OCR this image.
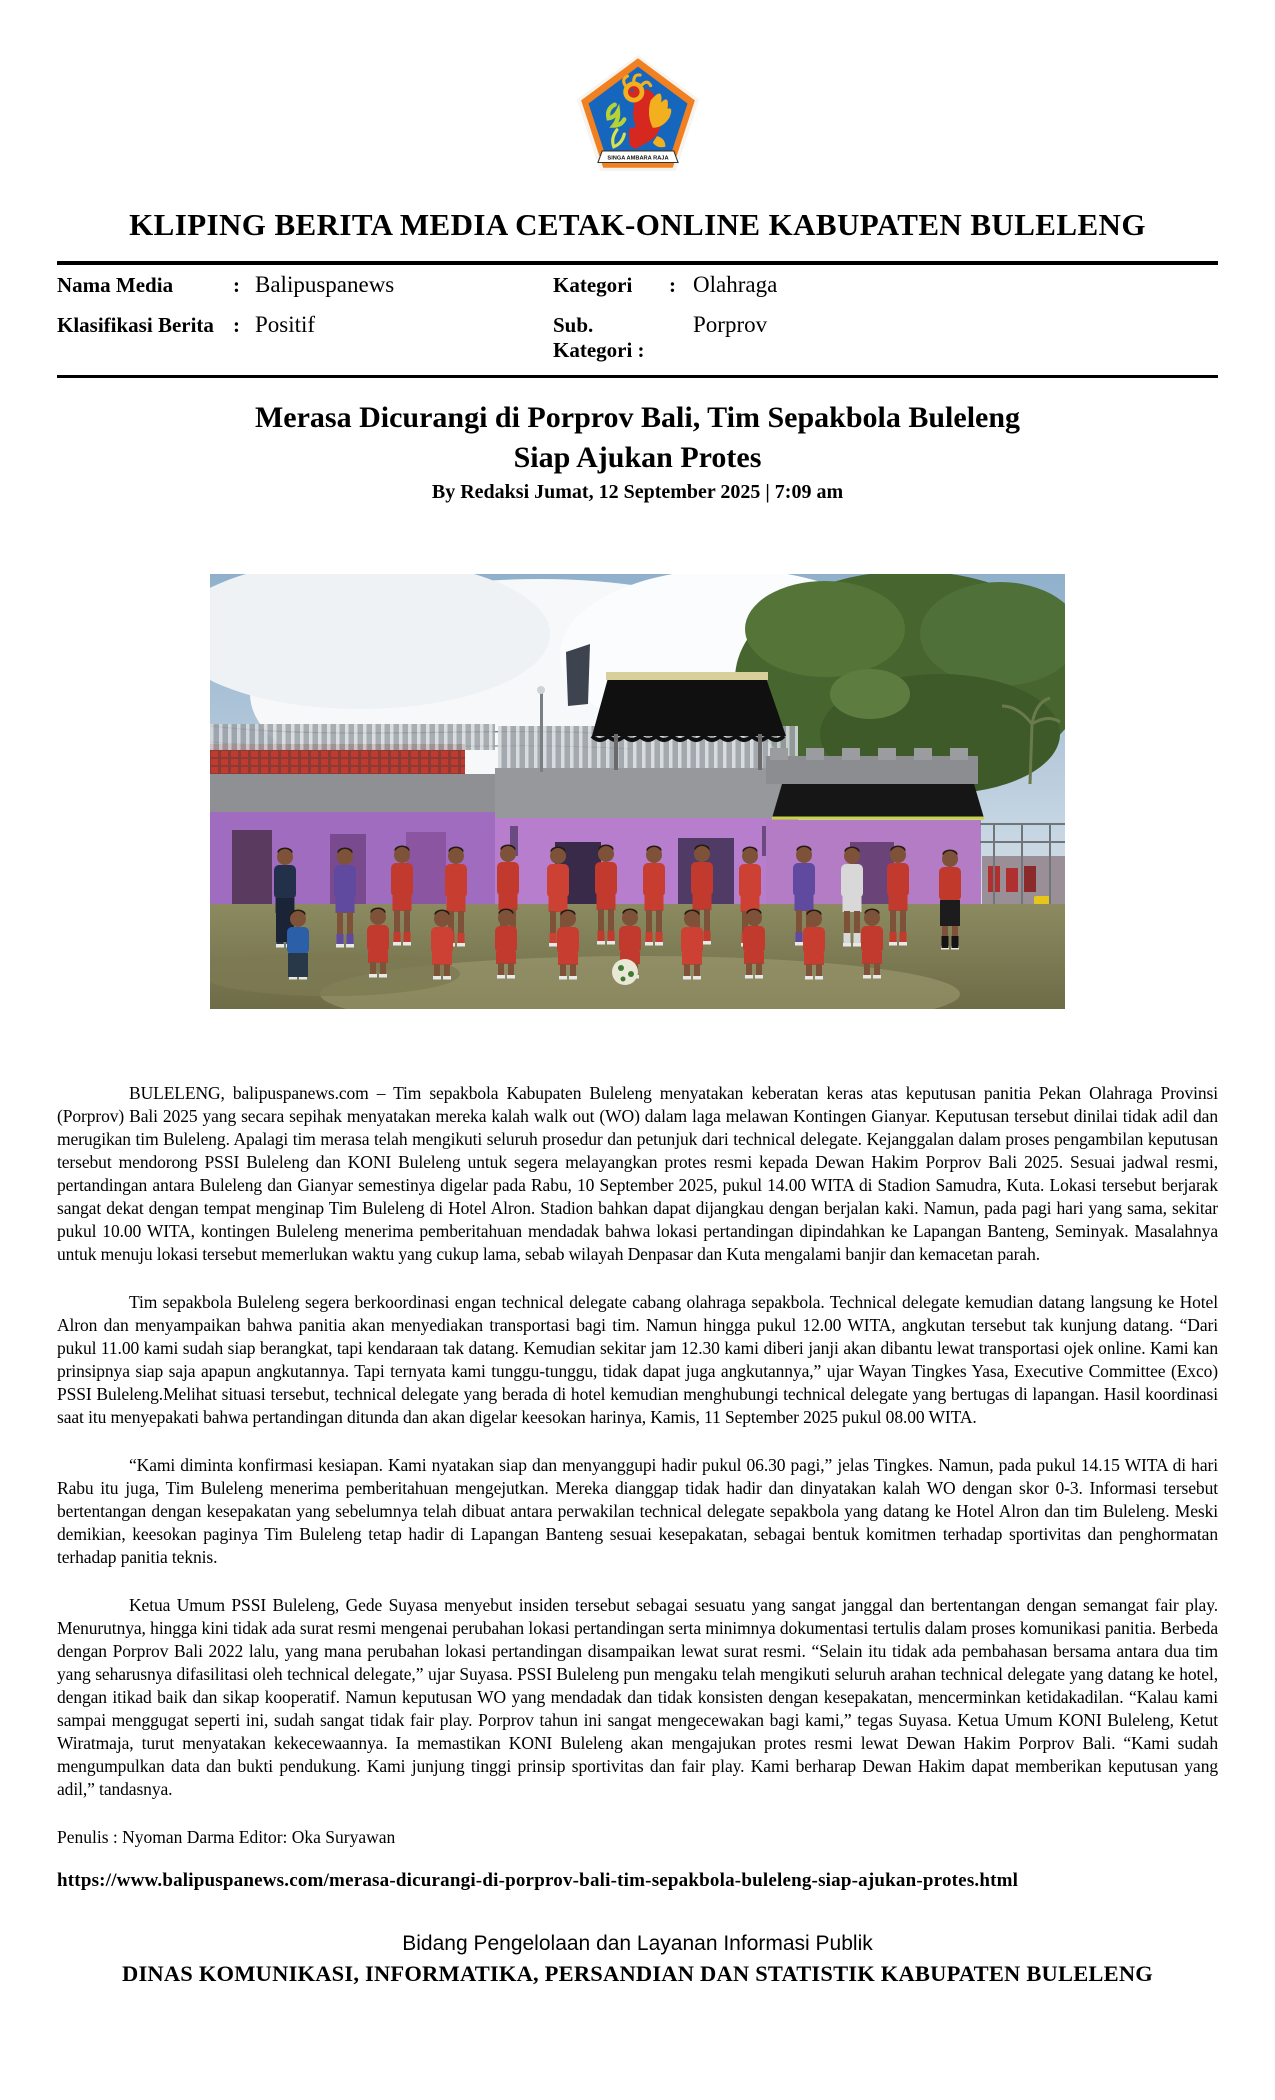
SINGA AMBARA RAJA
KLIPING BERITA MEDIA CETAK-ONLINE KABUPATEN BULELENG
Nama Media	: Balipuspanews	Kategori	: Olahraga
Klasifikasi Berita : Positif	Sub. Kategori :
Porprov
Merasa Dicurangi di Porprov Bali, Tim Sepakbola Buleleng
Siap Ajukan Protes
By Redaksi Jumat, 12 September 2025 | 7:09 am

BULELENG, balipuspanews.com – Tim sepakbola Kabupaten Buleleng menyatakan keberatan keras atas keputusan panitia Pekan Olahraga Provinsi (Porprov) Bali 2025 yang secara sepihak menyatakan mereka kalah walk out (WO) dalam laga melawan Kontingen Gianyar. Keputusan tersebut dinilai tidak adil dan merugikan tim Buleleng. Apalagi tim merasa telah mengikuti seluruh prosedur dan petunjuk dari technical delegate. Kejanggalan dalam proses pengambilan keputusan tersebut mendorong PSSI Buleleng dan KONI Buleleng untuk segera melayangkan protes resmi kepada Dewan Hakim Porprov Bali 2025. Sesuai jadwal resmi, pertandingan antara Buleleng dan Gianyar semestinya digelar pada Rabu, 10 September 2025, pukul 14.00 WITA di Stadion Samudra, Kuta. Lokasi tersebut berjarak sangat dekat dengan tempat menginap Tim Buleleng di Hotel Alron. Stadion bahkan dapat dijangkau dengan berjalan kaki. Namun, pada pagi hari yang sama, sekitar pukul 10.00 WITA, kontingen Buleleng menerima pemberitahuan mendadak bahwa lokasi pertandingan dipindahkan ke Lapangan Banteng, Seminyak. Masalahnya untuk menuju lokasi tersebut memerlukan waktu yang cukup lama, sebab wilayah Denpasar dan Kuta mengalami banjir dan kemacetan parah.

Tim sepakbola Buleleng segera berkoordinasi engan technical delegate cabang olahraga sepakbola. Technical delegate kemudian datang langsung ke Hotel Alron dan menyampaikan bahwa panitia akan menyediakan transportasi bagi tim. Namun hingga pukul 12.00 WITA, angkutan tersebut tak kunjung datang. “Dari pukul 11.00 kami sudah siap berangkat, tapi kendaraan tak datang. Kemudian sekitar jam 12.30 kami diberi janji akan dibantu lewat transportasi ojek online. Kami kan prinsipnya siap saja apapun angkutannya. Tapi ternyata kami tunggu-tunggu, tidak dapat juga angkutannya,” ujar Wayan Tingkes Yasa, Executive Committee (Exco) PSSI Buleleng.Melihat situasi tersebut, technical delegate yang berada di hotel kemudian menghubungi technical delegate yang bertugas di lapangan. Hasil koordinasi saat itu menyepakati bahwa pertandingan ditunda dan akan digelar keesokan harinya, Kamis, 11 September 2025 pukul 08.00 WITA.

“Kami diminta konfirmasi kesiapan. Kami nyatakan siap dan menyanggupi hadir pukul 06.30 pagi,” jelas Tingkes. Namun, pada pukul 14.15 WITA di hari Rabu itu juga, Tim Buleleng menerima pemberitahuan mengejutkan. Mereka dianggap tidak hadir dan dinyatakan kalah WO dengan skor 0-3. Informasi tersebut bertentangan dengan kesepakatan yang sebelumnya telah dibuat antara perwakilan technical delegate sepakbola yang datang ke Hotel Alron dan tim Buleleng. Meski demikian, keesokan paginya Tim Buleleng tetap hadir di Lapangan Banteng sesuai kesepakatan, sebagai bentuk komitmen terhadap sportivitas dan penghormatan terhadap panitia teknis.

Ketua Umum PSSI Buleleng, Gede Suyasa menyebut insiden tersebut sebagai sesuatu yang sangat janggal dan bertentangan dengan semangat fair play. Menurutnya, hingga kini tidak ada surat resmi mengenai perubahan lokasi pertandingan serta minimnya dokumentasi tertulis dalam proses komunikasi panitia. Berbeda dengan Porprov Bali 2022 lalu, yang mana perubahan lokasi pertandingan disampaikan lewat surat resmi. “Selain itu tidak ada pembahasan bersama antara dua tim yang seharusnya difasilitasi oleh technical delegate,” ujar Suyasa. PSSI Buleleng pun mengaku telah mengikuti seluruh arahan technical delegate yang datang ke hotel, dengan itikad baik dan sikap kooperatif. Namun keputusan WO yang mendadak dan tidak konsisten dengan kesepakatan, mencerminkan ketidakadilan. “Kalau kami sampai menggugat seperti ini, sudah sangat tidak fair play. Porprov tahun ini sangat mengecewakan bagi kami,” tegas Suyasa. Ketua Umum KONI Buleleng, Ketut Wiratmaja, turut menyatakan kekecewaannya. Ia memastikan KONI Buleleng akan mengajukan protes resmi lewat Dewan Hakim Porprov Bali. “Kami sudah mengumpulkan data dan bukti pendukung. Kami junjung tinggi prinsip sportivitas dan fair play. Kami berharap Dewan Hakim dapat memberikan keputusan yang adil,” tandasnya.

Penulis : Nyoman Darma Editor: Oka Suryawan
https://www.balipuspanews.com/merasa-dicurangi-di-porprov-bali-tim-sepakbola-buleleng-siap-ajukan-protes.html
Bidang Pengelolaan dan Layanan Informasi Publik
DINAS KOMUNIKASI, INFORMATIKA, PERSANDIAN DAN STATISTIK KABUPATEN BULELENG
